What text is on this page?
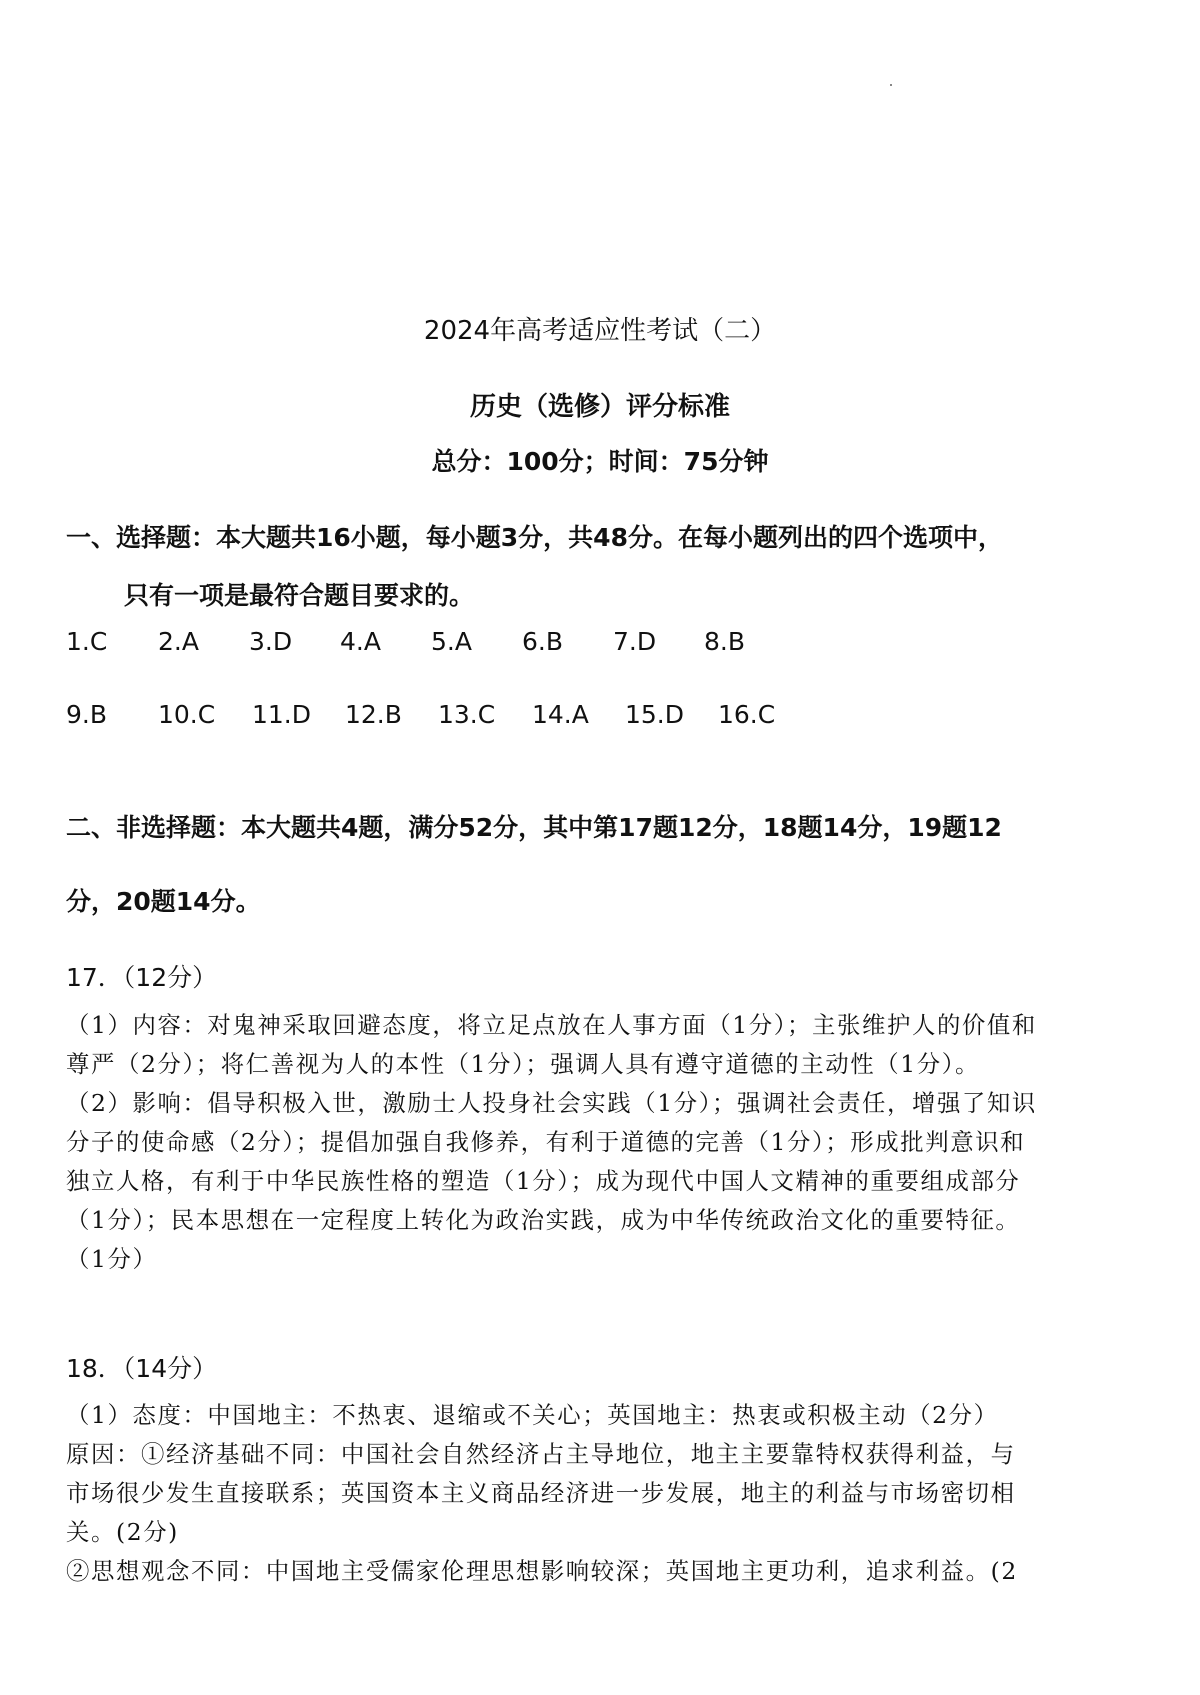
2024年高考适应性考试（二）
历史（选修）评分标准
总分：100分；时间：75分钟
一、选择题：本大题共16小题，每小题3分，共48分。在每小题列出的四个选项中，
只有一项是最符合题目要求的。
1.C 2.A 3.D 4.A 5.A 6.B 7.D 8.B
9.B 10.C 11.D 12.B 13.C 14.A 15.D 16.C
二、非选择题：本大题共4题，满分52分，其中第17题12分，18题14分，19题12
分，20题14分。
17．（12分）
（1）内容：对鬼神采取回避态度，将立足点放在人事方面（1分）；主张维护人的价值和
尊严（2分）；将仁善视为人的本性（1分）；强调人具有遵守道德的主动性（1分）。
（2）影响：倡导积极入世，激励士人投身社会实践（1分）；强调社会责任，增强了知识
分子的使命感（2分）；提倡加强自我修养，有利于道德的完善（1分）；形成批判意识和
独立人格，有利于中华民族性格的塑造（1分）；成为现代中国人文精神的重要组成部分
（1分）；民本思想在一定程度上转化为政治实践，成为中华传统政治文化的重要特征。
（1分）
18．（14分）
（1）态度：中国地主：不热衷、退缩或不关心；英国地主：热衷或积极主动（2分）
原因：①经济基础不同：中国社会自然经济占主导地位，地主主要靠特权获得利益，与
市场很少发生直接联系；英国资本主义商品经济进一步发展，地主的利益与市场密切相
关。(2分)
②思想观念不同：中国地主受儒家伦理思想影响较深；英国地主更功利，追求利益。(2
